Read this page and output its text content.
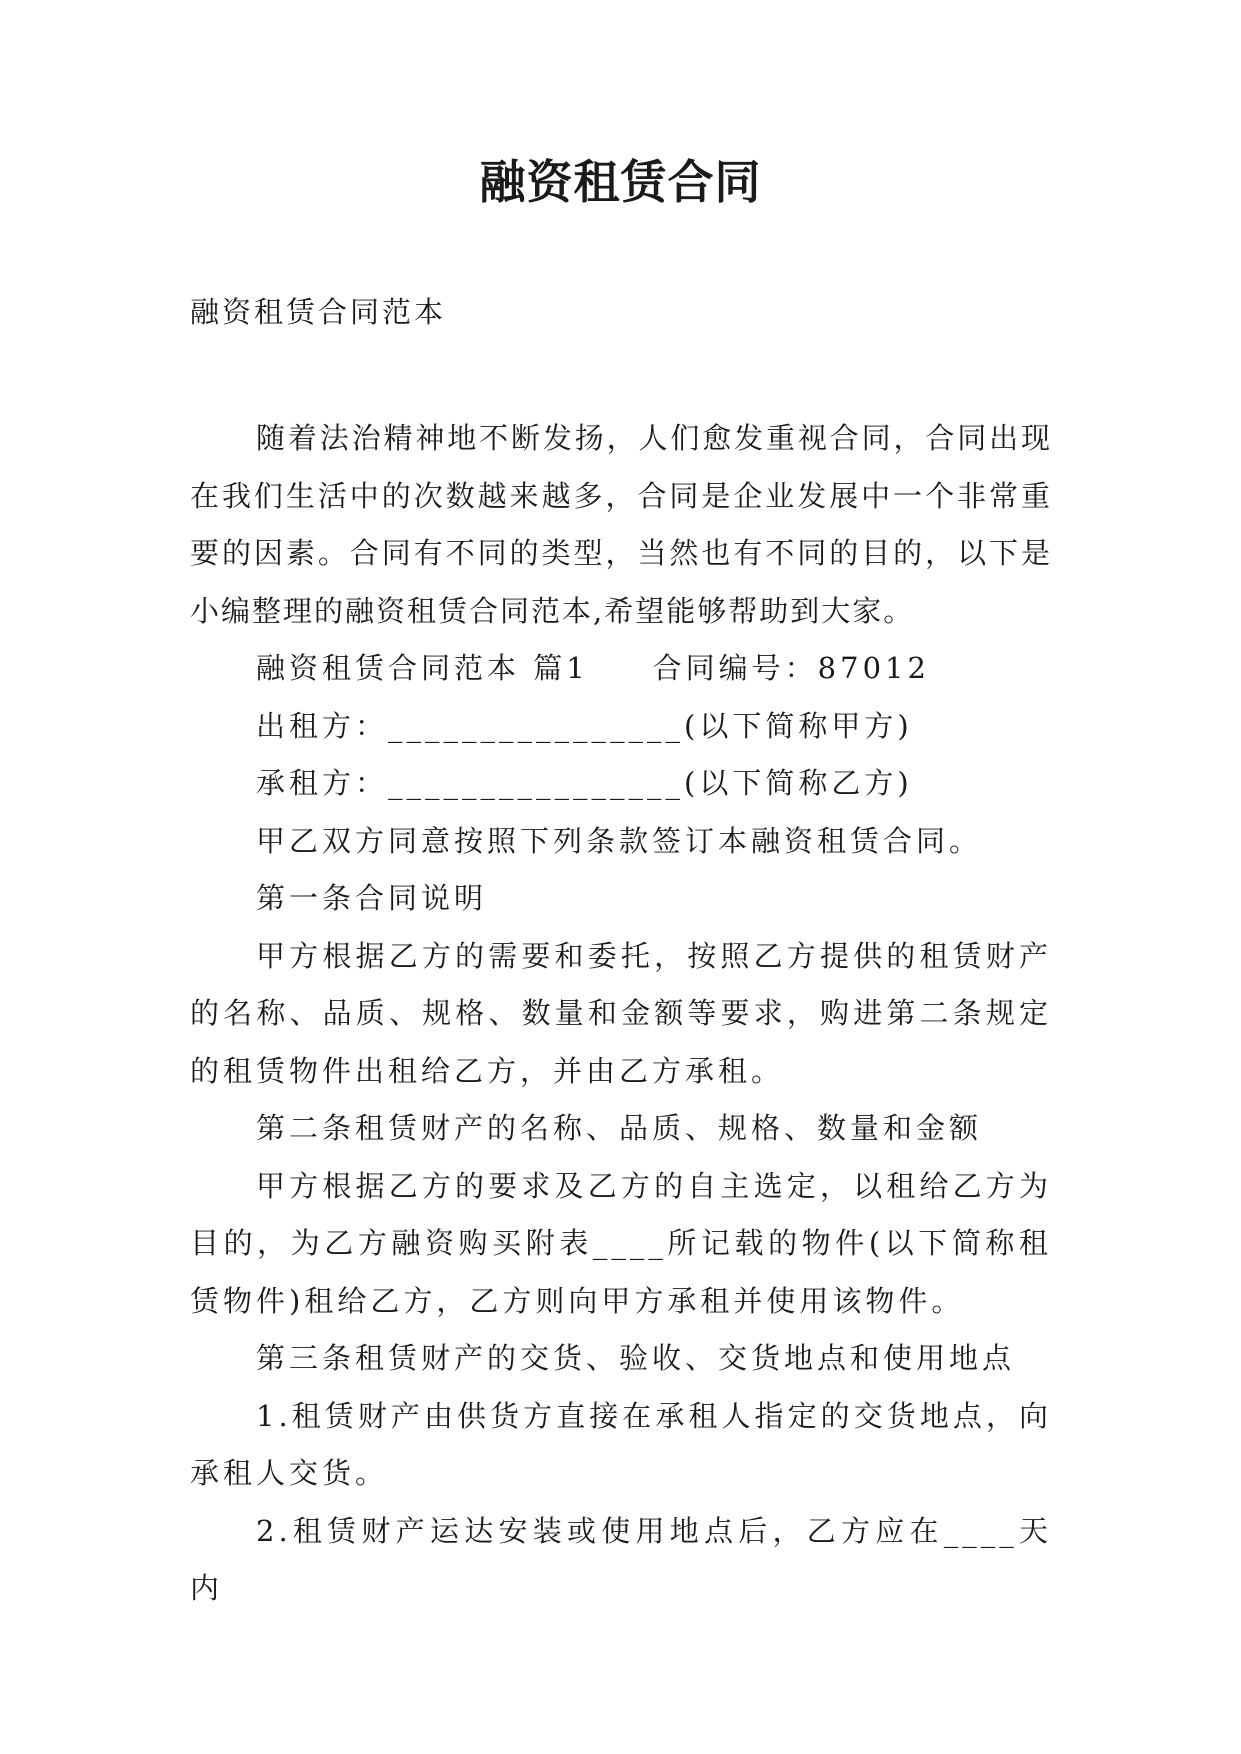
融资租赁合同
融资租赁合同范本

随着法治精神地不断发扬，人们愈发重视合同，合同出现在我们生活中的次数越来越多，合同是企业发展中一个非常重要的因素。合同有不同的类型，当然也有不同的目的，以下是小编整理的融资租赁合同范本,希望能够帮助到大家。

融资租赁合同范本 篇1 合同编号：87012

出租方：________________(以下简称甲方)

承租方：________________(以下简称乙方)

甲乙双方同意按照下列条款签订本融资租赁合同。

第一条合同说明

甲方根据乙方的需要和委托，按照乙方提供的租赁财产的名称、品质、规格、数量和金额等要求，购进第二条规定的租赁物件出租给乙方，并由乙方承租。

第二条租赁财产的名称、品质、规格、数量和金额

甲方根据乙方的要求及乙方的自主选定，以租给乙方为目的，为乙方融资购买附表____所记载的物件(以下简称租赁物件)租给乙方，乙方则向甲方承租并使用该物件。

第三条租赁财产的交货、验收、交货地点和使用地点

1.租赁财产由供货方直接在承租人指定的交货地点，向承租人交货。

2.租赁财产运达安装或使用地点后，乙方应在____天内
